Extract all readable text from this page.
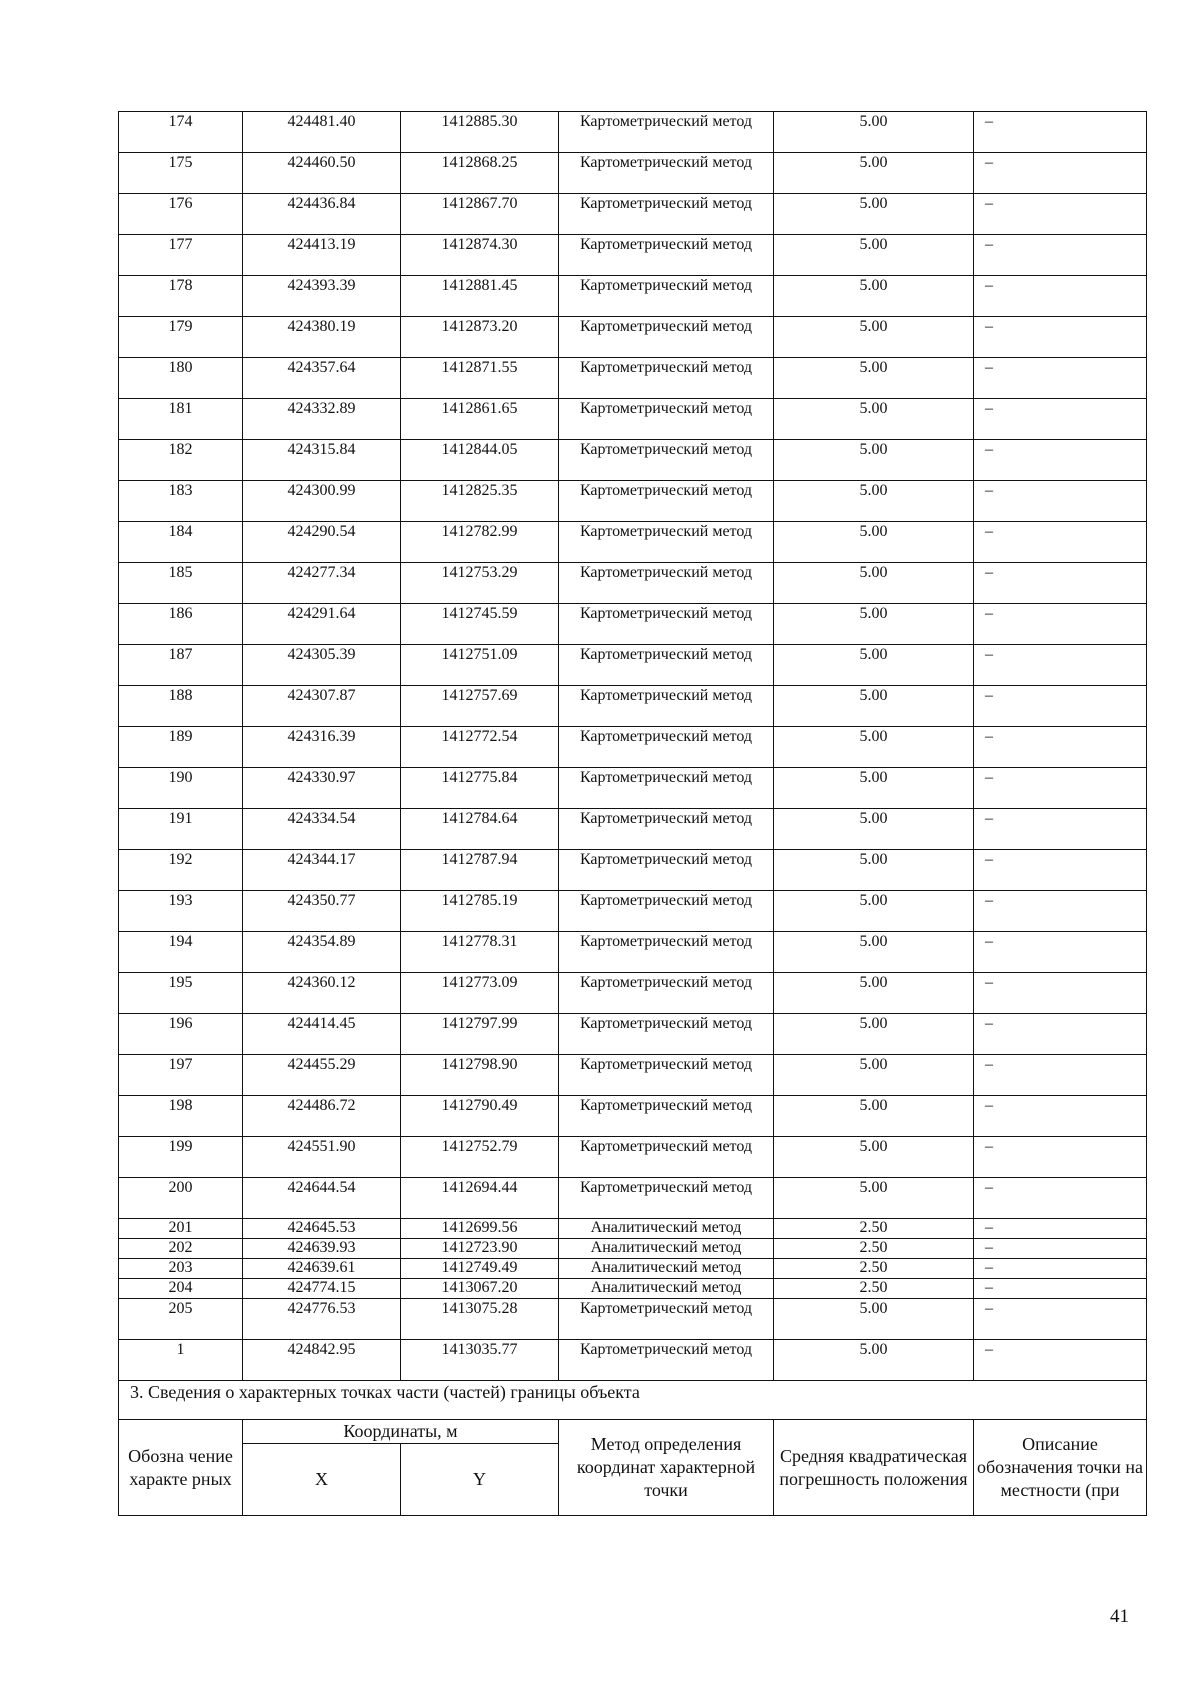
174	424481.40	1412885.30	Картометрический метод	5.00	–
175	424460.50	1412868.25	Картометрический метод	5.00	–
176	424436.84	1412867.70	Картометрический метод	5.00	–
177	424413.19	1412874.30	Картометрический метод	5.00	–
178	424393.39	1412881.45	Картометрический метод	5.00	–
179	424380.19	1412873.20	Картометрический метод	5.00	–
180	424357.64	1412871.55	Картометрический метод	5.00	–
181	424332.89	1412861.65	Картометрический метод	5.00	–
182	424315.84	1412844.05	Картометрический метод	5.00	–
183	424300.99	1412825.35	Картометрический метод	5.00	–
184	424290.54	1412782.99	Картометрический метод	5.00	–
185	424277.34	1412753.29	Картометрический метод	5.00	–
186	424291.64	1412745.59	Картометрический метод	5.00	–
187	424305.39	1412751.09	Картометрический метод	5.00	–
188	424307.87	1412757.69	Картометрический метод	5.00	–
189	424316.39	1412772.54	Картометрический метод	5.00	–
190	424330.97	1412775.84	Картометрический метод	5.00	–
191	424334.54	1412784.64	Картометрический метод	5.00	–
192	424344.17	1412787.94	Картометрический метод	5.00	–
193	424350.77	1412785.19	Картометрический метод	5.00	–
194	424354.89	1412778.31	Картометрический метод	5.00	–
195	424360.12	1412773.09	Картометрический метод	5.00	–
196	424414.45	1412797.99	Картометрический метод	5.00	–
197	424455.29	1412798.90	Картометрический метод	5.00	–
198	424486.72	1412790.49	Картометрический метод	5.00	–
199	424551.90	1412752.79	Картометрический метод	5.00	–
200	424644.54	1412694.44	Картометрический метод	5.00	–
201	424645.53	1412699.56	Аналитический метод	2.50	–
202	424639.93	1412723.90	Аналитический метод	2.50	–
203	424639.61	1412749.49	Аналитический метод	2.50	–
204	424774.15	1413067.20	Аналитический метод	2.50	–
205	424776.53	1413075.28	Картометрический метод	5.00	–
1	424842.95	1413035.77	Картометрический метод	5.00	–
3. Сведения о характерных точках части (частей) границы объекта					
Обозна чение характе рных	Координаты, м		Метод определения координат характерной точки	Средняя квадратическая погрешность положения	Описание обозначения точки на местности (при
	X	Y			
41
